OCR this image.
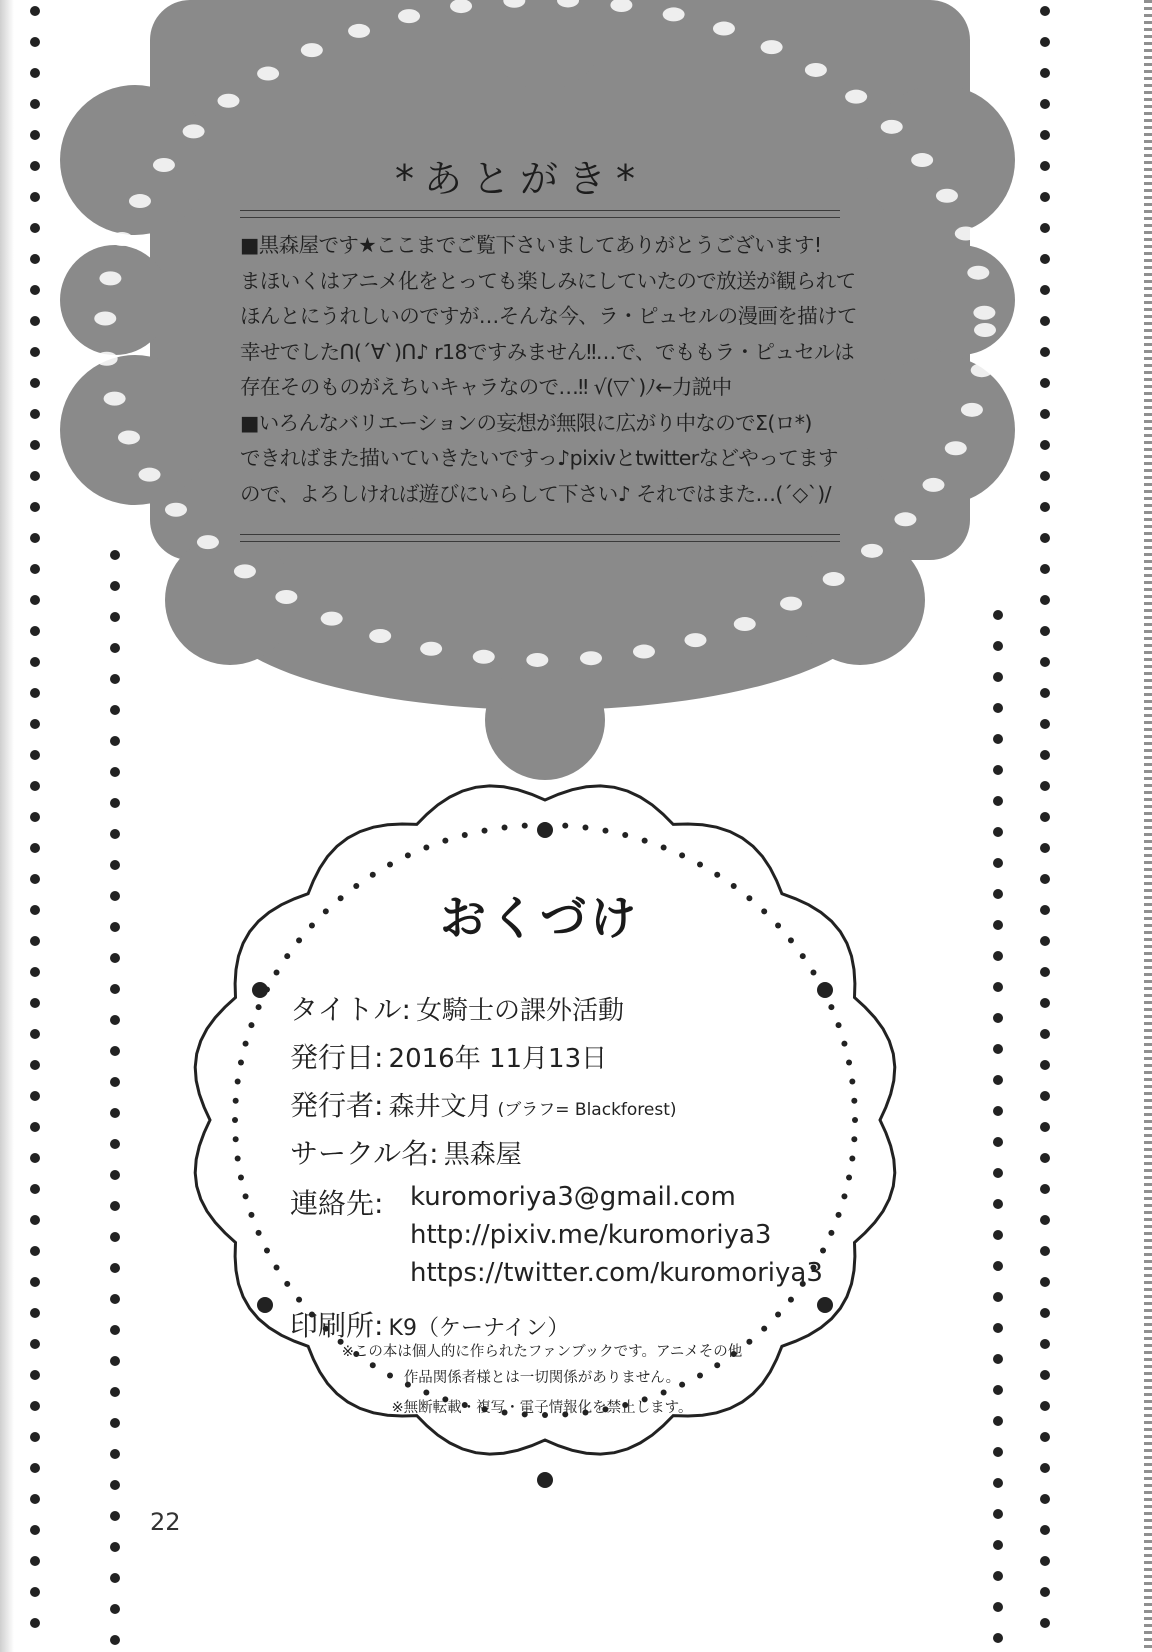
*あとがき*

■黒森屋です★ここまでご覧下さいましてありがとうございます!

まほいくはアニメ化をとっても楽しみにしていたので放送が観られて

ほんとにうれしいのですが…そんな今、ラ・ピュセルの漫画を描けて

幸せでしたՈ(´∀`)Ո♪ r18ですみません‼…で、でももラ・ピュセルは

存在そのものがえちいキャラなので…‼ √(▽`)ﾉ←力説中

■いろんなバリエーションの妄想が無限に広がり中なのでΣ(ロ*)

できればまた描いていきたいですっ♪pixivとtwitterなどやってます

ので、よろしければ遊びにいらして下さい♪ それではまた…(´◇`)/

おくづけ
タイトル: 女騎士の課外活動
発行日: 2016年 11月13日
発行者: 森井文月 (ブラフ= Blackforest)
サークル名: 黒森屋
連絡先: kuromoriya3@gmail.com
http://pixiv.me/kuromoriya3
https://twitter.com/kuromoriya3
印刷所: K9（ケーナイン）
※この本は個人的に作られたファンブックです。アニメその他
作品関係者様とは一切関係がありません。
※無断転載・複写・電子情報化を禁止します。
22
